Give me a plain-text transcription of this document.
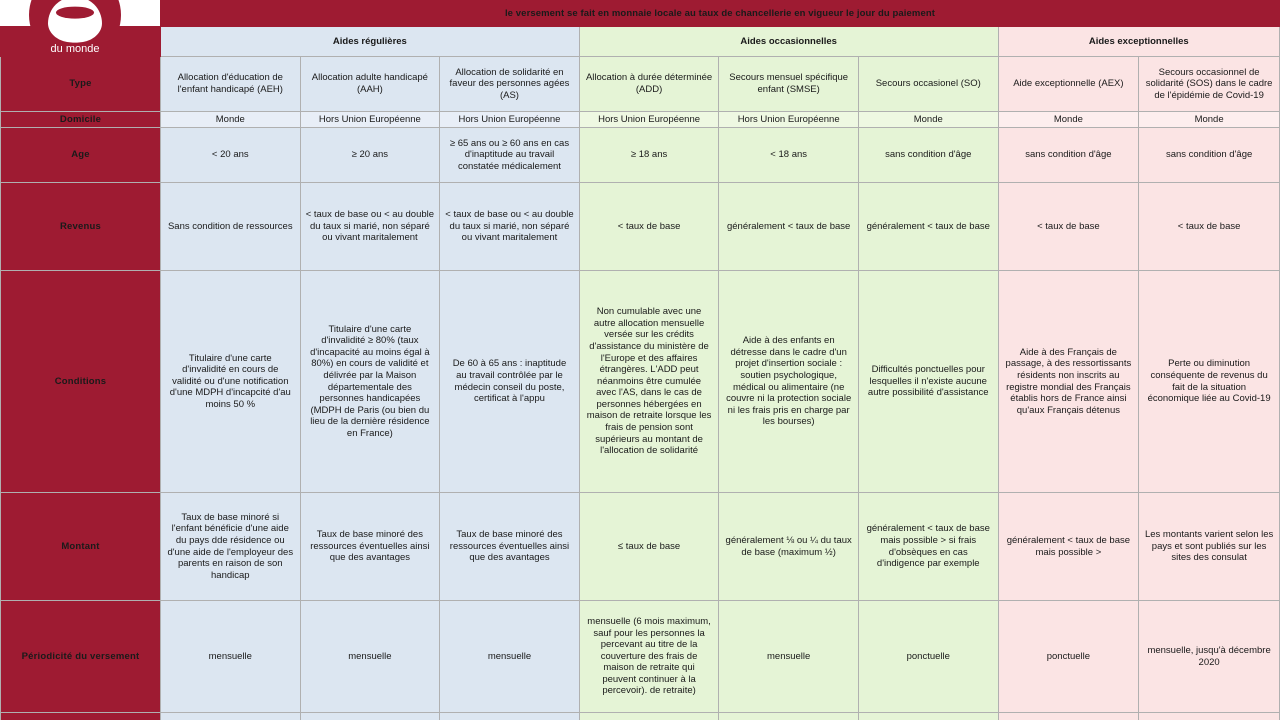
du monde	le versement se fait en monnaie locale au taux de chancellerie en vigueur le jour du paiement							
	Aides régulières			Aides occasionnelles			Aides exceptionnelles	
Type	Allocation d'éducation de l'enfant handicapé (AEH)	Allocation adulte handicapé (AAH)	Allocation de solidarité en faveur des personnes agées (AS)	Allocation à durée déterminée (ADD)	Secours mensuel spécifique enfant (SMSE)	Secours occasionel (SO)	Aide exceptionnelle (AEX)	Secours occasionnel de solidarité (SOS) dans le cadre de l'épidémie de Covid-19
Domicile	Monde	Hors Union Européenne	Hors Union Européenne	Hors Union Européenne	Hors Union Européenne	Monde	Monde	Monde
Age	< 20 ans	≥ 20 ans	≥ 65 ans ou ≥ 60 ans en cas d'inaptitude au travail constatée médicalement	≥ 18 ans	< 18 ans	sans condition d'âge	sans condition d'âge	sans condition d'âge
Revenus	Sans condition de ressources	< taux de base ou < au double du taux si marié, non séparé ou vivant maritalement	< taux de base ou < au double du taux si marié, non séparé ou vivant maritalement	< taux de base	généralement < taux de base	généralement < taux de base	< taux de base	< taux de base
Conditions	Titulaire d'une carte d'invalidité en cours de validité ou d'une notification d'une MDPH d'incapcité d'au moins 50 %	Titulaire d'une carte d'invalidité ≥ 80% (taux d'incapacité au moins égal à 80%) en cours de validité et délivrée par la Maison départementale des personnes handicapées (MDPH de Paris (ou bien du lieu de la dernière résidence en France)	De 60 à 65 ans : inaptitude au travail contrôlée par le médecin conseil du poste, certificat à l'appu	Non cumulable avec une autre allocation mensuelle versée sur les crédits d'assistance du ministère de l'Europe et des affaires étrangères. L'ADD peut néanmoins être cumulée avec l'AS, dans le cas de personnes hébergées en maison de retraite lorsque les frais de pension sont supérieurs au montant de l'allocation de solidarité	Aide à des enfants en détresse dans le cadre d'un projet d'insertion sociale : soutien psychologique, médical ou alimentaire (ne couvre ni la protection sociale ni les frais pris en charge par les bourses)	Difficultés ponctuelles pour lesquelles il n'existe aucune autre possibilité d'assistance	Aide à des Français de passage, à des ressortissants résidents non inscrits au registre mondial des Français établis hors de France ainsi qu'aux Français détenus	Perte ou diminution conséquente de revenus du fait de la situation économique liée au Covid-19
Montant	Taux de base minoré si l'enfant bénéficie d'une aide du pays dde résidence ou d'une aide de l'employeur des parents en raison de son handicap	Taux de base minoré des ressources éventuelles ainsi que des avantages	Taux de base minoré des ressources éventuelles ainsi que des avantages	≤ taux de base	généralement ⅛ ou ¼ du taux de base (maximum ½)	généralement < taux de base mais possible > si frais d'obsèques en cas d'indigence par exemple	généralement < taux de base mais possible >	Les montants varient selon les pays et sont publiés sur les sites des consulat
Périodicité du versement	mensuelle	mensuelle	mensuelle	mensuelle (6 mois maximum, sauf pour les personnes la percevant au titre de la couverture des frais de maison de retraite qui peuvent continuer à la percevoir). de retraite)	mensuelle	ponctuelle	ponctuelle	mensuelle, jusqu'à décembre 2020
